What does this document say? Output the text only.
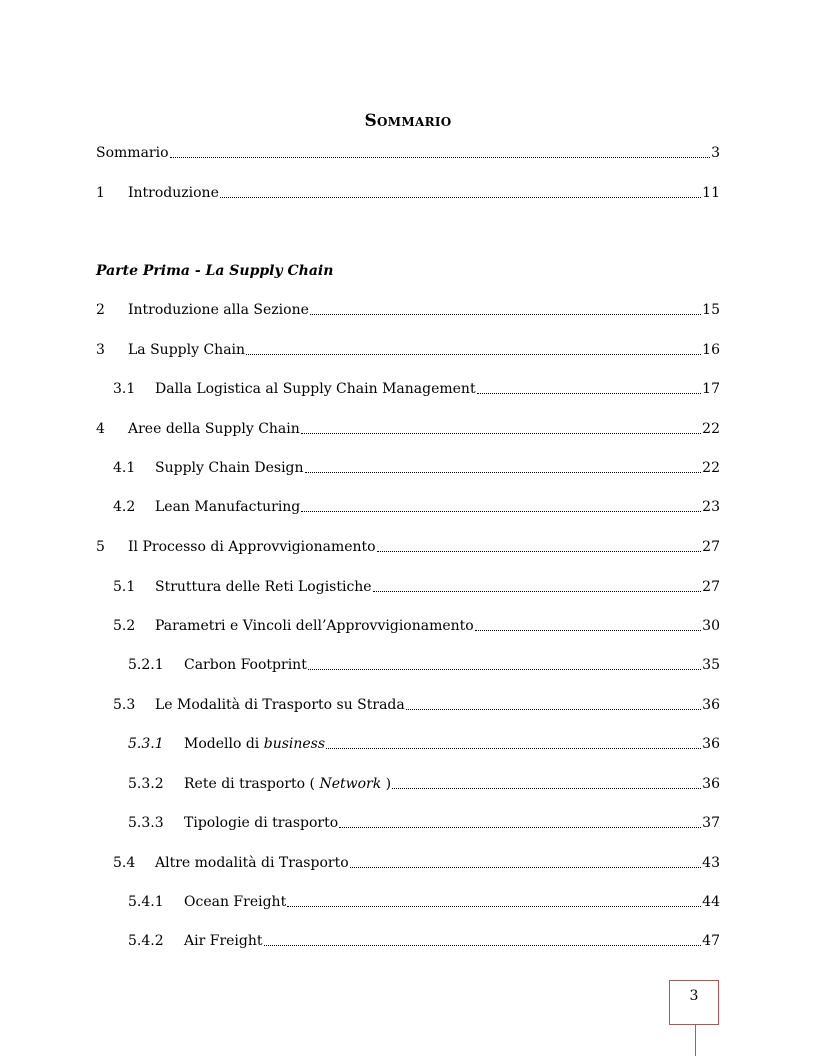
Sommario
Parte Prima - La Supply Chain
Sommario	3
1	Introduzione	11
2	Introduzione alla Sezione	15
3	La Supply Chain	16
3.1	Dalla Logistica al Supply Chain Management	17
4	Aree della Supply Chain	22
4.1	Supply Chain Design	22
4.2	Lean Manufacturing	23
5	Il Processo di Approvvigionamento	27
5.1	Struttura delle Reti Logistiche	27
5.2	Parametri e Vincoli dell’Approvvigionamento	30
5.2.1	Carbon Footprint	35
5.3	Le Modalità di Trasporto su Strada	36
5.3.1	Modello di business	36
5.3.2	Rete di trasporto ( Network )	36
5.3.3	Tipologie di trasporto	37
5.4	Altre modalità di Trasporto	43
5.4.1	Ocean Freight	44
5.4.2	Air Freight	47
3
